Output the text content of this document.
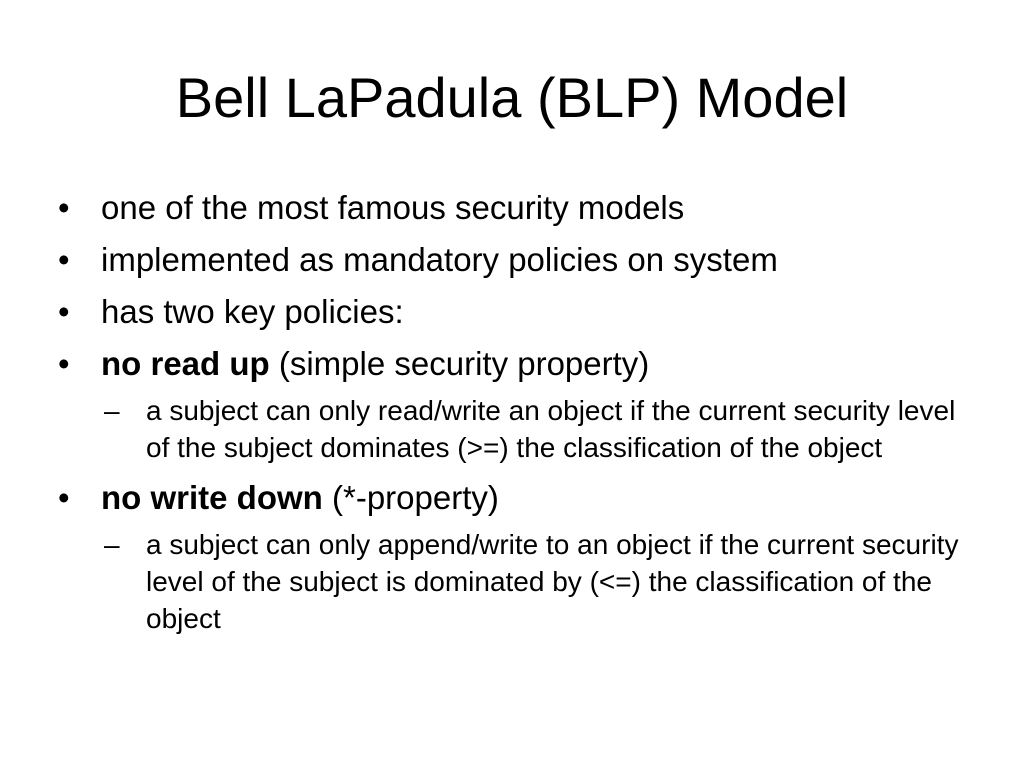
Bell LaPadula (BLP) Model
• one of the most famous security models
• implemented as mandatory policies on system
• has two key policies:
• no read up (simple security property)
– a subject can only read/write an object if the current security level of the subject dominates (>=) the classification of the object
• no write down (*-property)
– a subject can only append/write to an object if the current security level of the subject is dominated by (<=) the classification of the object
